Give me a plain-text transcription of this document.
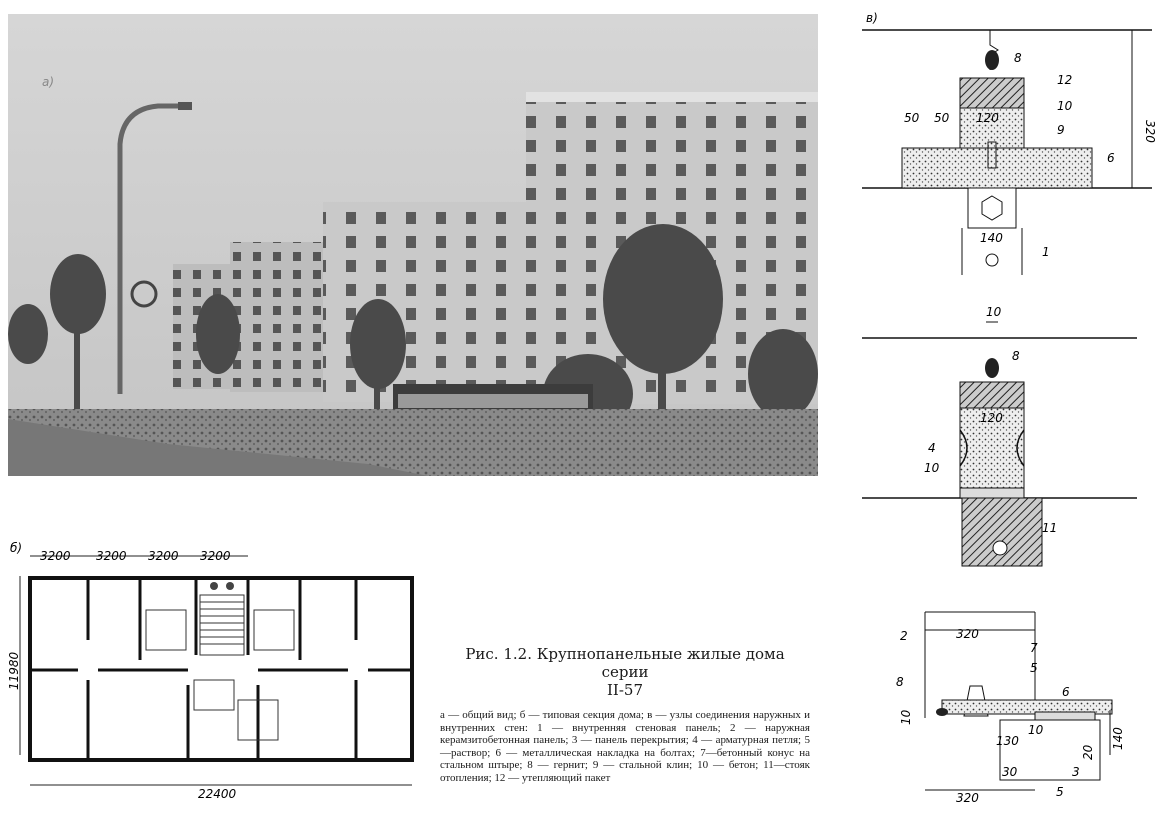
а)
б)
3200 3200 3200 3200
11980
22400
в)
320
50 50 120
140
8
12
10
9
6
1
10
120
8
4
10
11
320
130
20
140
30
320
10
2
7
5
6
8
10
3
5
Рис. 1.2. Крупнопанельные жилые дома серии
II-57
а — общий вид; б — типовая секция дома; в — узлы соединения наружных и внутренних стен: 1 — внутренняя стеновая панель; 2 — наружная керамзитобетонная панель; 3 — панель перекрытия; 4 — арматурная петля; 5—раствор; 6 — металлическая накладка на болтах; 7—бетонный конус на стальном штыре; 8 — гернит; 9 — стальной клин; 10 — бетон; 11—стояк отопления; 12 — утепляющий пакет
